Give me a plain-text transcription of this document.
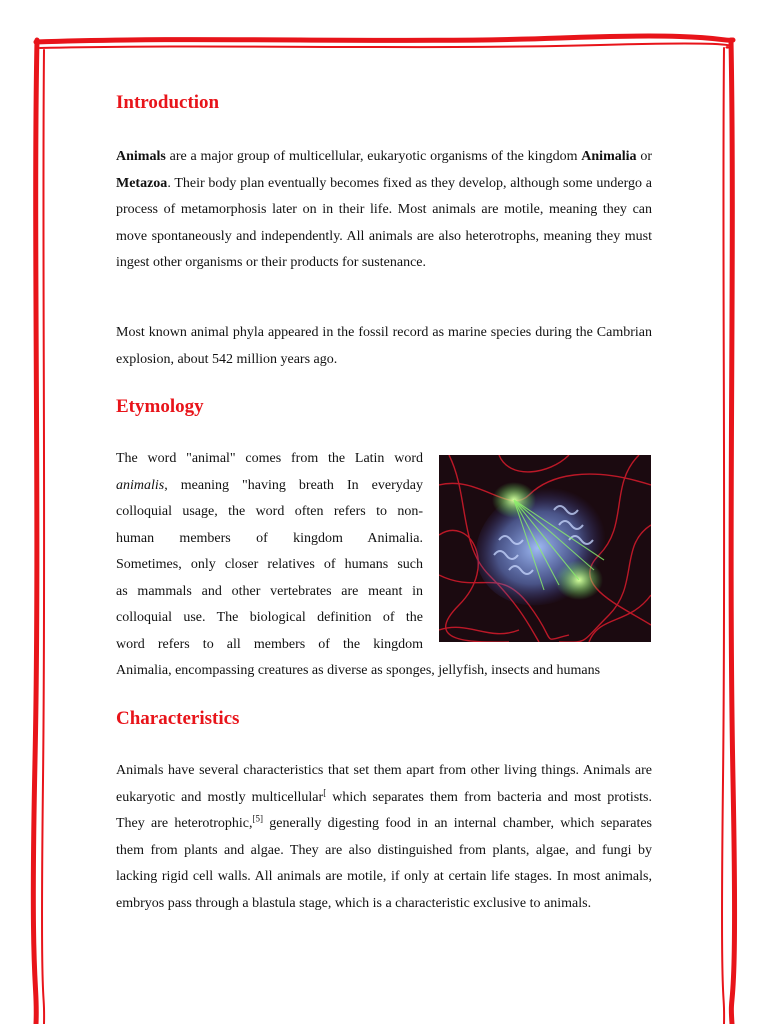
Introduction

Animals are a major group of multicellular, eukaryotic organisms of the kingdom Animalia or Metazoa. Their body plan eventually becomes fixed as they develop, although some undergo a process of metamorphosis later on in their life. Most animals are motile, meaning they can move spontaneously and independently. All animals are also heterotrophs, meaning they must ingest other organisms or their products for sustenance.

Most known animal phyla appeared in the fossil record as marine species during the Cambrian explosion, about 542 million years ago.

Etymology
The word "animal" comes from the Latin word
animalis, meaning "having breath In everyday
colloquial usage, the word often refers to non-
human members of kingdom Animalia.
Sometimes, only closer relatives of humans such
as mammals and other vertebrates are meant in
colloquial use. The biological definition of the
word refers to all members of the kingdom
Animalia, encompassing creatures as diverse as sponges, jellyfish, insects and humans
Characteristics

Animals have several characteristics that set them apart from other living things. Animals are eukaryotic and mostly multicellular[ which separates them from bacteria and most protists. They are heterotrophic,[5] generally digesting food in an internal chamber, which separates them from plants and algae. They are also distinguished from plants, algae, and fungi by lacking rigid cell walls. All animals are motile, if only at certain life stages. In most animals, embryos pass through a blastula stage, which is a characteristic exclusive to animals.
